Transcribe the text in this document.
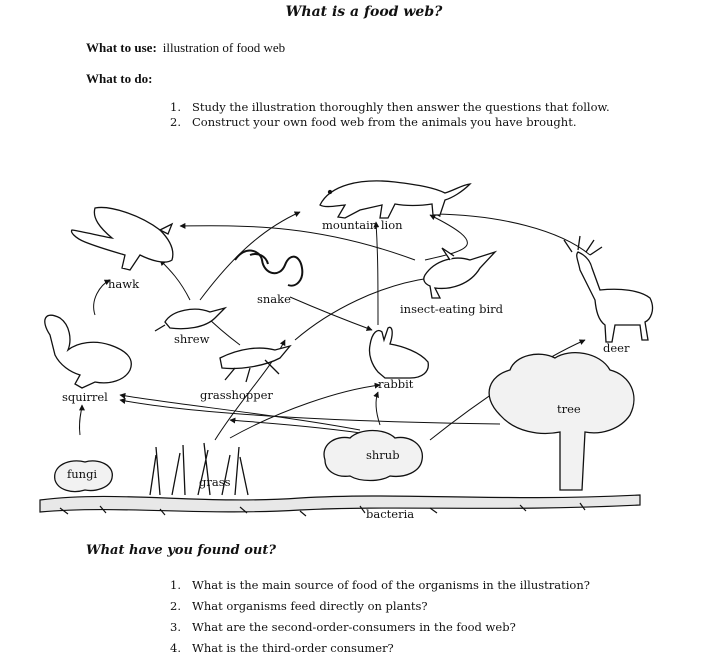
What is a food web?
What to use: illustration of food web
What to do:
1. Study the illustration thoroughly then answer the questions that follow.
2. Construct your own food web from the animals you have brought.
mountain lion
hawk
snake
insect-eating bird
shrew
deer
squirrel	grasshopper
rabbit
tree
shrub
fungi
grass
bacteria
What have you found out?
1. What is the main source of food of the organisms in the illustration?
2. What organisms feed directly on plants?
3. What are the second-order-consumers in the food web?
4. What is the third-order consumer?
